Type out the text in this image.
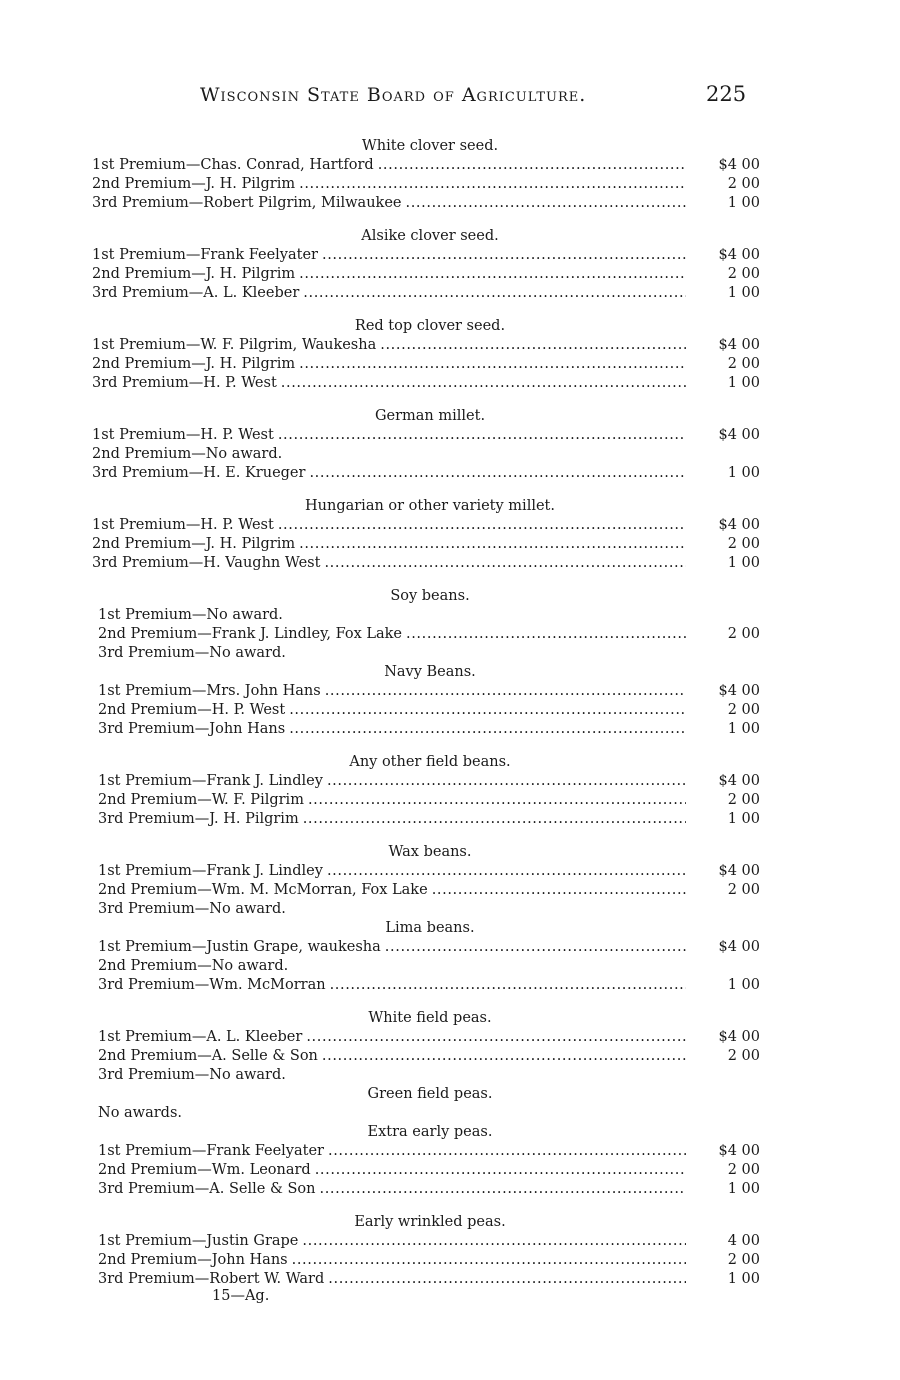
Wisconsin State Board of Agriculture.	225
White clover seed.
1st Premium— Chas. Conrad, Hartford . . .	$4 00
2nd Premium— J. H. Pilgrim . . .	2 00
3rd Premium— Robert Pilgrim, Milwaukee . . .	1 00
Alsike clover seed.
1st Premium— Frank Feelyater . . .	$4 00
2nd Premium— J. H. Pilgrim . . .	2 00
3rd Premium— A. L. Kleeber . . .	1 00
Red top clover seed.
1st Premium— W. F. Pilgrim, Waukesha . . .	$4 00
2nd Premium— J. H. Pilgrim . . .	2 00
3rd Premium— H. P. West . . .	1 00
German millet.
1st Premium— H. P. West . . .	$4 00
2nd Premium— No award.
3rd Premium— H. E. Krueger . . .	1 00
Hungarian or other variety millet.
1st Premium— H. P. West . . .	$4 00
2nd Premium— J. H. Pilgrim . . .	2 00
3rd Premium— H. Vaughn West . . .	1 00
Soy beans.
1st Premium— No award.
2nd Premium— Frank J. Lindley, Fox Lake . . .	2 00
3rd Premium— No award.
Navy Beans.
1st Premium— Mrs. John Hans . . .	$4 00
2nd Premium— H. P. West . . .	2 00
3rd Premium— John Hans . . .	1 00
Any other field beans.
1st Premium— Frank J. Lindley . . .	$4 00
2nd Premium— W. F. Pilgrim . . .	2 00
3rd Premium— J. H. Pilgrim . . .	1 00
Wax beans.
1st Premium— Frank J. Lindley . . .	$4 00
2nd Premium— Wm. M. McMorran, Fox Lake . . .	2 00
3rd Premium— No award.
Lima beans.
1st Premium— Justin Grape, waukesha . . .	$4 00
2nd Premium— No award.
3rd Premium— Wm. McMorran . . .	1 00
White field peas.
1st Premium— A. L. Kleeber . . .	$4 00
2nd Premium— A. Selle & Son . . .	2 00
3rd Premium— No award.
Green field peas.
No awards.
Extra early peas.
1st Premium— Frank Feelyater . . .	$4 00
2nd Premium— Wm. Leonard . . .	2 00
3rd Premium— A. Selle & Son . . .	1 00
Early wrinkled peas.
1st Premium— Justin Grape . . .	4 00
2nd Premium— John Hans . . .	2 00
3rd Premium— Robert W. Ward . . .	1 00
15—Ag.
